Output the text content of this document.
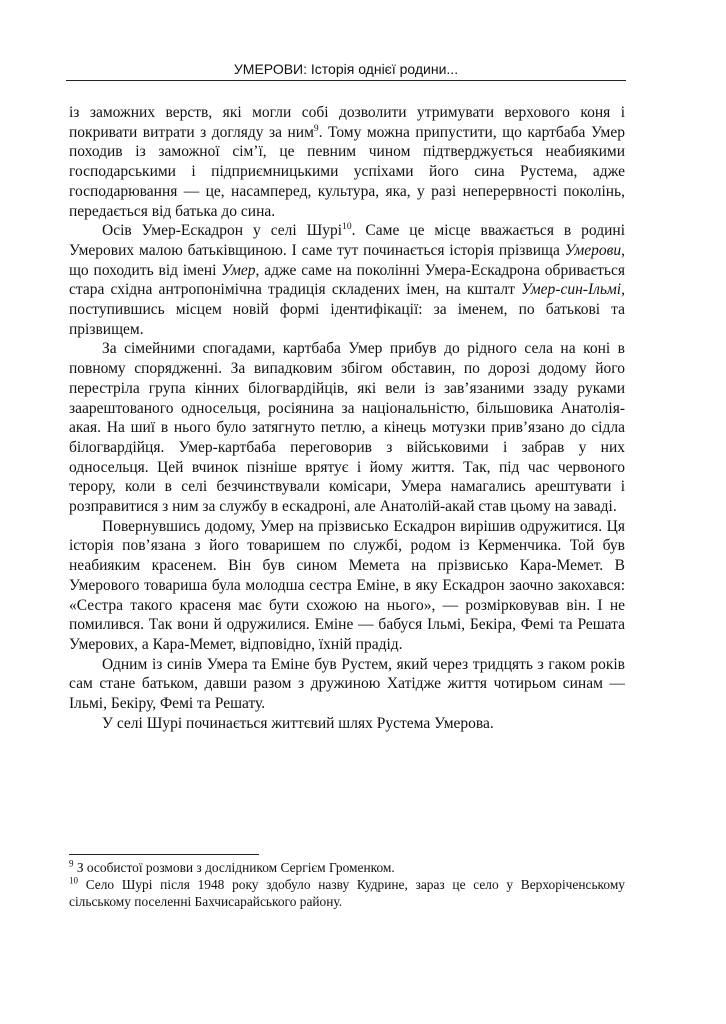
УМЕРОВИ: Історія однієї родини...

із заможних верств, які могли собі дозволити утримувати верхового коня і покривати витрати з догляду за ним$^9$. Тому можна припустити, що картбаба Умер походив із заможної сім’ї, це певним чином підтверджується неабиякими господарськими і підприємницькими успіхами його сина Рустема, адже господарювання — це, насамперед, культура, яка, у разі неперервності поколінь, передається від батька до сина.

Осів Умер-Ескадрон у селі Шурі$^{10}$. Саме це місце вважається в родині Умерових малою батьківщиною. І саме тут починається історія прізвища Умерови, що походить від імені Умер, адже саме на поколінні Умера-Ескадрона обривається стара східна антропонімічна традиція складених імен, на кшталт Умер-син-Ільмі, поступившись місцем новій формі ідентифікації: за іменем, по батькові та прізвищем.

За сімейними спогадами, картбаба Умер прибув до рідного села на коні в повному спорядженні. За випадковим збігом обставин, по дорозі додому його перестріла група кінних білогвардійців, які вели із зав’язаними ззаду руками заарештованого односельця, росіянина за національністю, більшовика Анатолія-акая. На шиї в нього було затягнуто петлю, а кінець мотузки прив’язано до сідла білогвардійця. Умер-картбаба переговорив з військовими і забрав у них односельця. Цей вчинок пізніше врятує і йому життя. Так, під час червоного терору, коли в селі безчинствували комісари, Умера намагались арештувати і розправитися з ним за службу в ескадроні, але Анатолій-акай став цьому на заваді.

Повернувшись додому, Умер на прізвисько Ескадрон вирішив одружитися. Ця історія пов’язана з його товаришем по службі, родом із Керменчика. Той був неабияким красенем. Він був сином Мемета на прізвисько Кара-Мемет. В Умерового товариша була молодша сестра Еміне, в яку Ескадрон заочно закохався: «Сестра такого красеня має бути схожою на нього», — розмірковував він. І не помилився. Так вони й одружилися. Еміне — бабуся Ільмі, Бекіра, Фемі та Решата Умерових, а Кара-Мемет, відповідно, їхній прадід.

Одним із синів Умера та Еміне був Рустем, який через тридцять з гаком років сам стане батьком, давши разом з дружиною Хатідже життя чотирьом синам — Ільмі, Бекіру, Фемі та Решату.

У селі Шурі починається життєвий шлях Рустема Умерова.

$^9$ З особистої розмови з дослідником Сергієм Громенком.

$^{10}$ Село Шурі після 1948 року здобуло назву Кудрине, зараз це село у Верхоріченському сільському поселенні Бахчисарайського району.
